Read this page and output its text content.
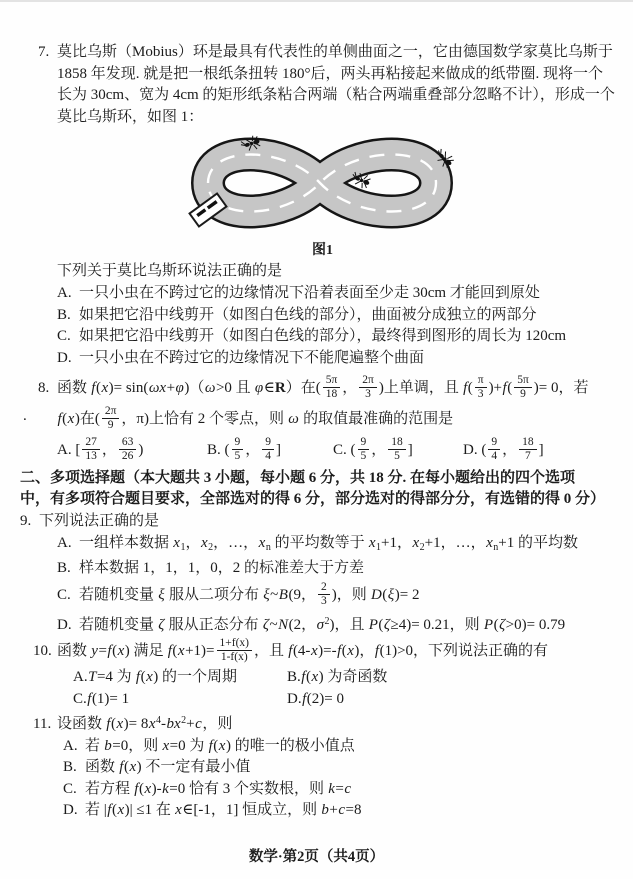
7. 莫比乌斯（Mobius）环是最具有代表性的单侧曲面之一，它由德国数学家莫比乌斯于
1858 年发现. 就是把一根纸条扭转 180°后，两头再粘接起来做成的纸带圈. 现将一个
长为 30cm、宽为 4cm 的矩形纸条粘合两端（粘合两端重叠部分忽略不计），形成一个
莫比乌斯环，如图 1：
图1
下列关于莫比乌斯环说法正确的是
A. 一只小虫在不跨过它的边缘情况下沿着表面至少走 30cm 才能回到原处
B. 如果把它沿中线剪开（如图白色线的部分），曲面被分成独立的两部分
C. 如果把它沿中线剪开（如图白色线的部分），最终得到图形的周长为 120cm
D. 一只小虫在不跨过它的边缘情况下不能爬遍整个曲面
8. 函数 f(x)= sin(ωx+φ)（ω>0 且 φ∈R）在( $\frac{5\pi}{18}$ ， $\frac{2\pi}{3}$ )上单调，且 $f( \frac{\pi}{3} )+f( \frac{5\pi}{9}$ )= 0，若
. f(x)在( $\frac{2\pi}{9}$ ，π)上恰有 2 个零点，则 ω 的取值最准确的范围是
A. [ $\frac{27}{13}$ ， $\frac{63}{26}$ )	B. ( $\frac{9}{5}$ ， $\frac{9}{4}$ ]	C. ( $\frac{9}{5}$ ， $\frac{18}{5}$ ]	D. ( $\frac{9}{4}$ ， $\frac{18}{7}$ ]
二、多项选择题（本大题共 3 小题，每小题 6 分，共 18 分. 在每小题给出的四个选项
中，有多项符合题目要求，全部选对的得 6 分，部分选对的得部分分，有选错的得 0 分）
9. 下列说法正确的是
A. 一组样本数据 $x_1$，$x_2$，…，$x_n$ 的平均数等于 $x_1+1$，$x_2+1$，…，$x_n+1$ 的平均数
B. 样本数据 1，1，1，0，2 的标准差大于方差
C. 若随机变量 ξ 服从二项分布 ξ~B(9， $\frac{2}{3}$ )，则 D(ξ)= 2
D. 若随机变量 ζ 服从正态分布 ζ~N(2，$\sigma^2$)，且 P(ζ≥4)= 0.21，则 P(ζ>0)= 0.79
10. 函数 y=f(x) 满足 $f(x+1)= \frac{1+f(x)}{1-f(x)}$ ，且 f(4-x)=-f(x)，f(1)>0，下列说法正确的有
A.T=4 为 f(x) 的一个周期	B.f(x) 为奇函数
C.f(1)= 1	D.f(2)= 0
11. 设函数 $f(x)= 8x^4-bx^2+c$，则
A. 若 b=0，则 x=0 为 f(x) 的唯一的极小值点
B. 函数 f(x) 不一定有最小值
C. 若方程 f(x)-k=0 恰有 3 个实数根，则 k=c
D. 若 |f(x)| ≤1 在 x∈[-1，1] 恒成立，则 b+c=8
数学·第2页（共4页）
